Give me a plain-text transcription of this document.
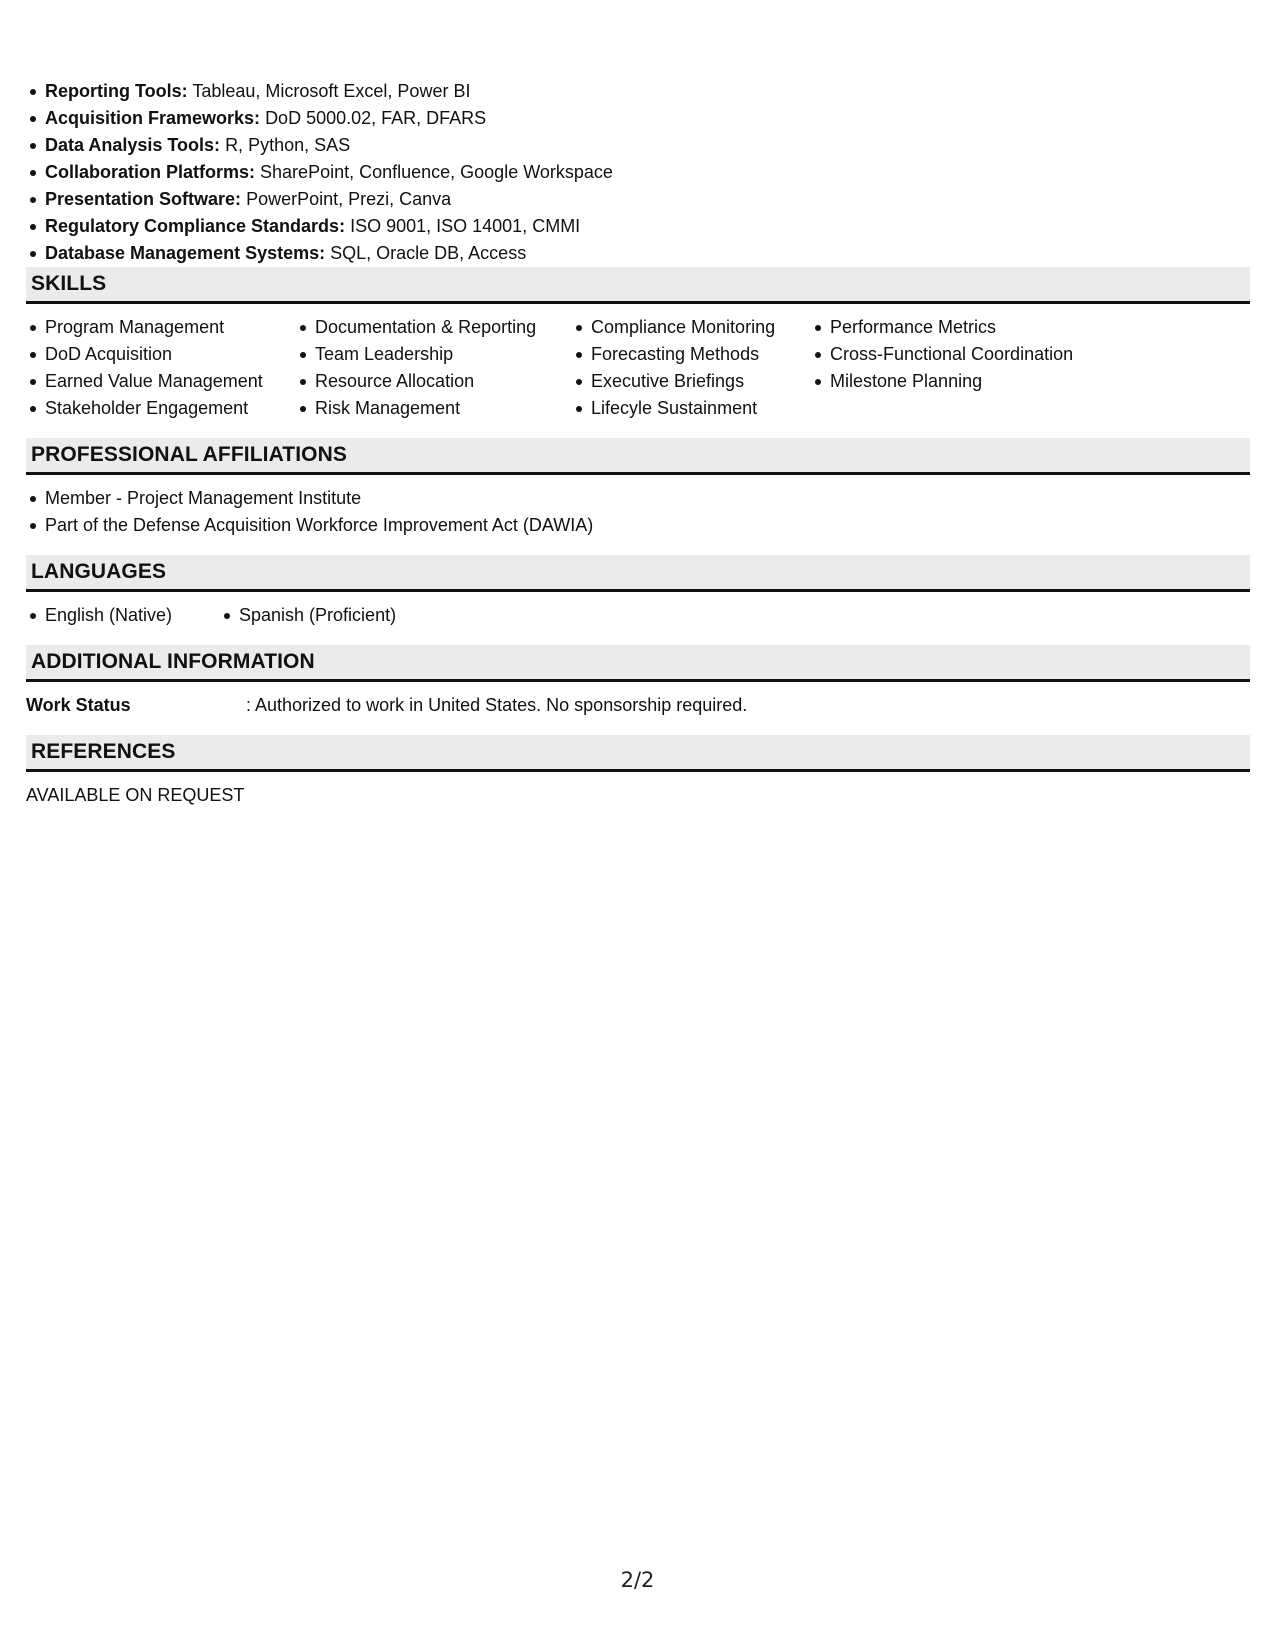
Reporting Tools: Tableau, Microsoft Excel, Power BI
Acquisition Frameworks: DoD 5000.02, FAR, DFARS
Data Analysis Tools: R, Python, SAS
Collaboration Platforms: SharePoint, Confluence, Google Workspace
Presentation Software: PowerPoint, Prezi, Canva
Regulatory Compliance Standards: ISO 9001, ISO 14001, CMMI
Database Management Systems: SQL, Oracle DB, Access
SKILLS
Program Management
DoD Acquisition
Earned Value Management
Stakeholder Engagement
Documentation & Reporting
Team Leadership
Resource Allocation
Risk Management
Compliance Monitoring
Forecasting Methods
Executive Briefings
Lifecyle Sustainment
Performance Metrics
Cross-Functional Coordination
Milestone Planning
PROFESSIONAL AFFILIATIONS
Member - Project Management Institute
Part of the Defense Acquisition Workforce Improvement Act (DAWIA)
LANGUAGES
English (Native)	Spanish (Proficient)
ADDITIONAL INFORMATION
Work Status	: Authorized to work in United States. No sponsorship required.
REFERENCES
AVAILABLE ON REQUEST
2/2
